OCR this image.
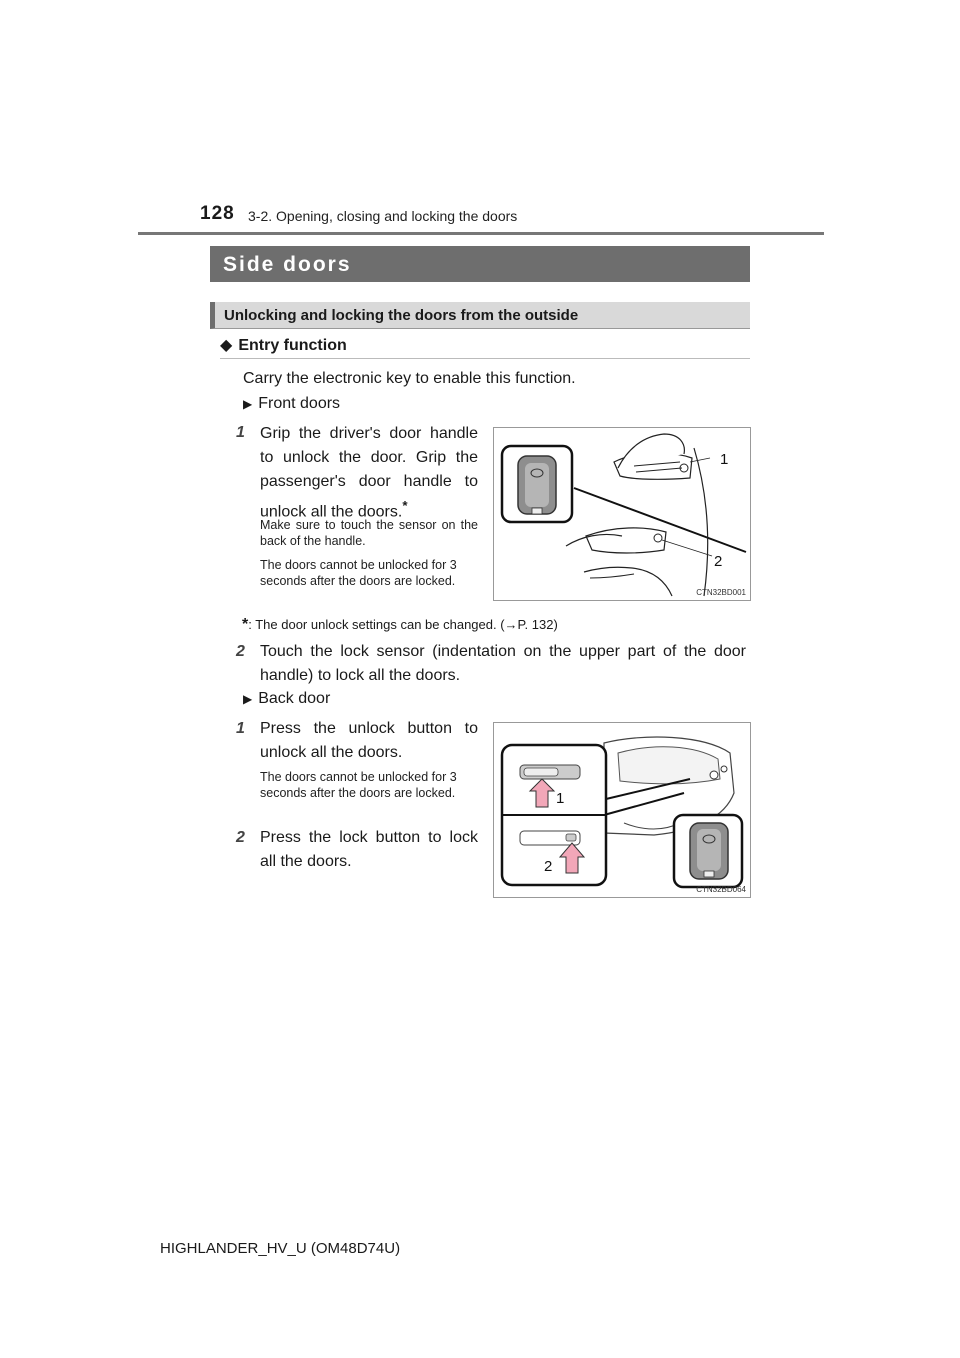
128 3-2. Opening, closing and locking the doors
Side doors
Unlocking and locking the doors from the outside
◆ Entry function
Carry the electronic key to enable this function.
▶ Front doors
1 Grip the driver's door handle to unlock the door. Grip the passenger's door handle to unlock all the doors.*
Make sure to touch the sensor on the back of the handle.
The doors cannot be unlocked for 3 seconds after the doors are locked.
1
2
CTN32BD001
*: The door unlock settings can be changed. (→P. 132)
2 Touch the lock sensor (indentation on the upper part of the door handle) to lock all the doors.
▶ Back door
1 Press the unlock button to unlock all the doors.
The doors cannot be unlocked for 3 seconds after the doors are locked.
2 Press the lock button to lock all the doors.
1
2
CTN32BD064
HIGHLANDER_HV_U (OM48D74U)
